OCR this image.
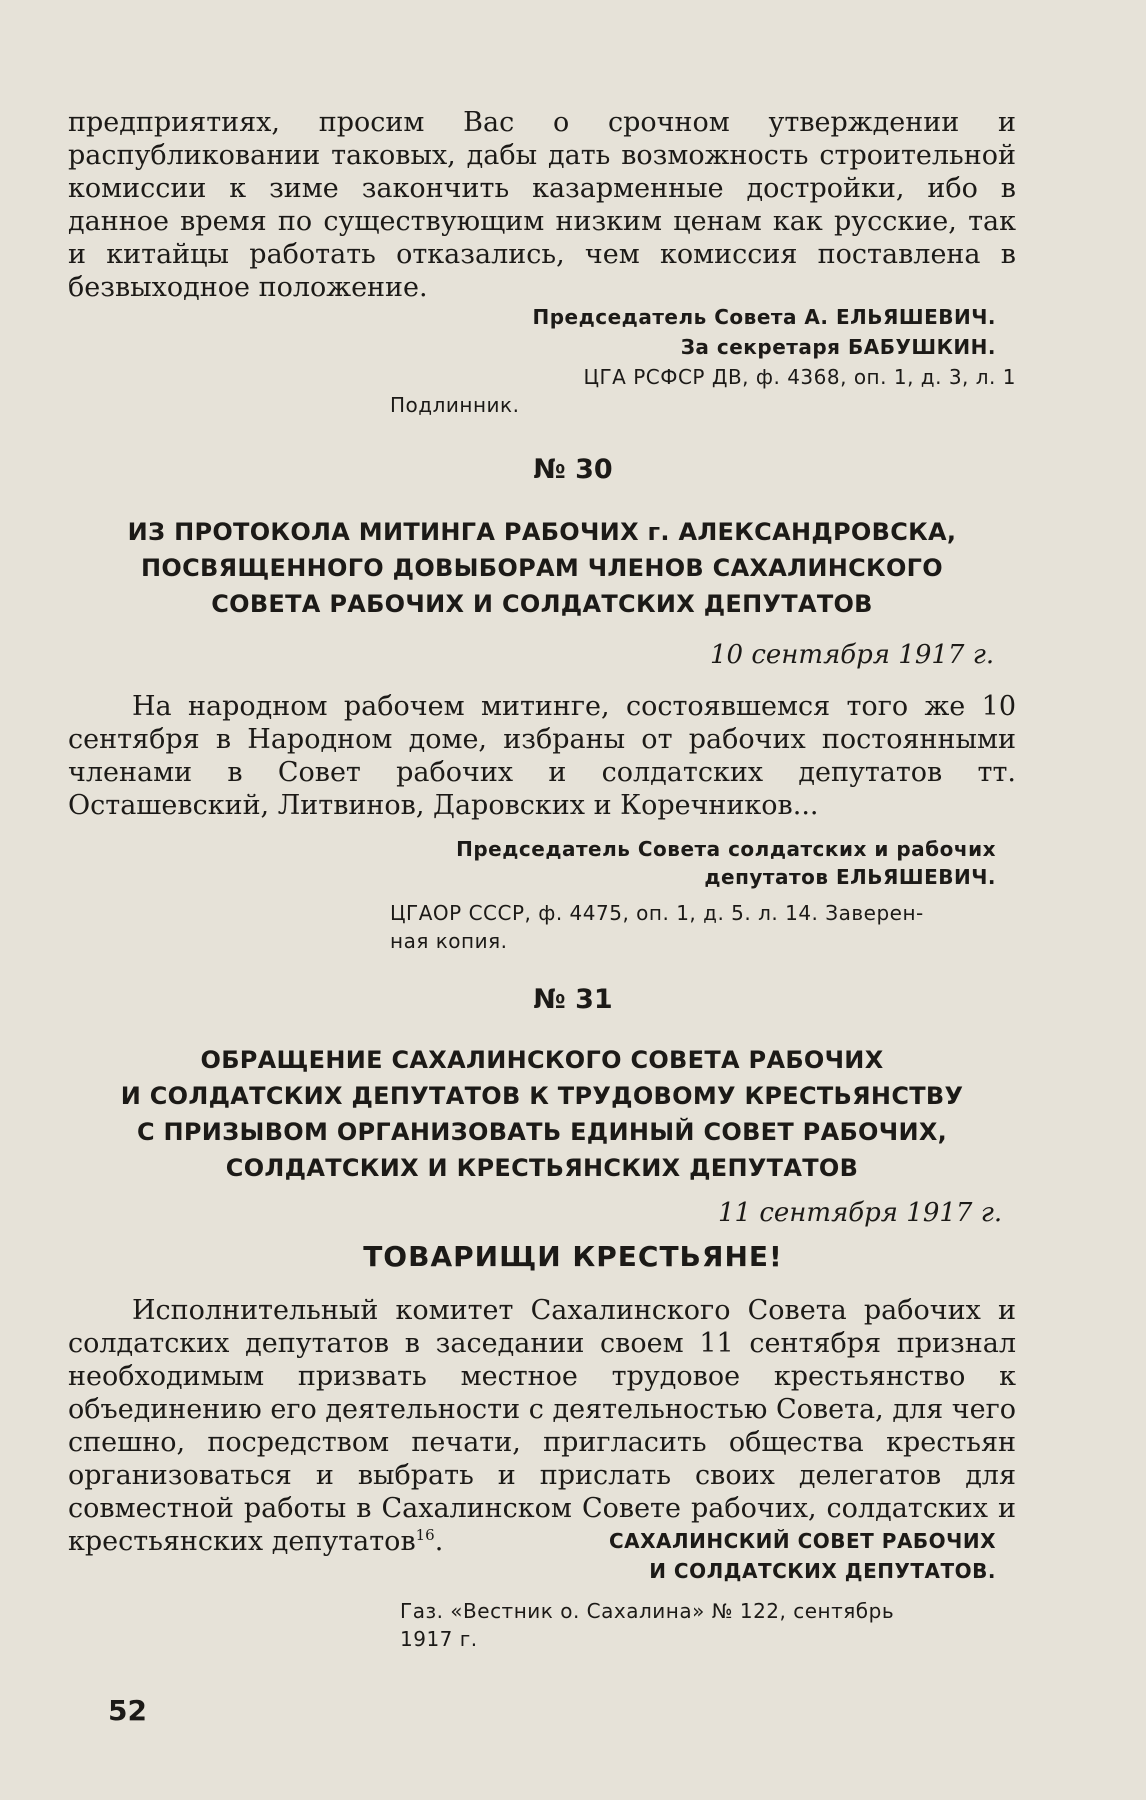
предприятиях, просим Вас о срочном утверждении и распубликовании таковых, дабы дать возможность строительной комиссии к зиме закончить казарменные достройки, ибо в данное время по существующим низким ценам как русские, так и китайцы работать отказались, чем комиссия поставлена в безвыходное положение.
Председатель Совета А. ЕЛЬЯШЕВИЧ.
За секретаря БАБУШКИН.
ЦГА РСФСР ДВ, ф. 4368, оп. 1, д. 3, л. 1
Подлинник.
№ 30
ИЗ ПРОТОКОЛА МИТИНГА РАБОЧИХ г. АЛЕКСАНДРОВСКА,
ПОСВЯЩЕННОГО ДОВЫБОРАМ ЧЛЕНОВ САХАЛИНСКОГО
СОВЕТА РАБОЧИХ И СОЛДАТСКИХ ДЕПУТАТОВ
10 сентября 1917 г.
На народном рабочем митинге, состоявшемся того же 10 сентября в Народном доме, избраны от рабочих постоянными членами в Совет рабочих и солдатских депутатов тт. Осташевский, Литвинов, Даровских и Коречников...
Председатель Совета солдатских и рабочих
депутатов ЕЛЬЯШЕВИЧ.
ЦГАОР СССР, ф. 4475, оп. 1, д. 5. л. 14. Заверен-
ная копия.
№ 31
ОБРАЩЕНИЕ САХАЛИНСКОГО СОВЕТА РАБОЧИХ
И СОЛДАТСКИХ ДЕПУТАТОВ К ТРУДОВОМУ КРЕСТЬЯНСТВУ
С ПРИЗЫВОМ ОРГАНИЗОВАТЬ ЕДИНЫЙ СОВЕТ РАБОЧИХ,
СОЛДАТСКИХ И КРЕСТЬЯНСКИХ ДЕПУТАТОВ
11 сентября 1917 г.
ТОВАРИЩИ КРЕСТЬЯНЕ!
Исполнительный комитет Сахалинского Совета рабочих и солдатских депутатов в заседании своем 11 сентября признал необходимым призвать местное трудовое крестьянство к объединению его деятельности с деятельностью Совета, для чего спешно, посредством печати, пригласить общества крестьян организоваться и выбрать и прислать своих делегатов для совместной работы в Сахалинском Совете рабочих, солдатских и крестьянских депутатов$^{16}$.	САХАЛИНСКИЙ СОВЕТ РАБОЧИХ
И СОЛДАТСКИХ ДЕПУТАТОВ.
Газ. «Вестник о. Сахалина» № 122, сентябрь
1917 г.
52
